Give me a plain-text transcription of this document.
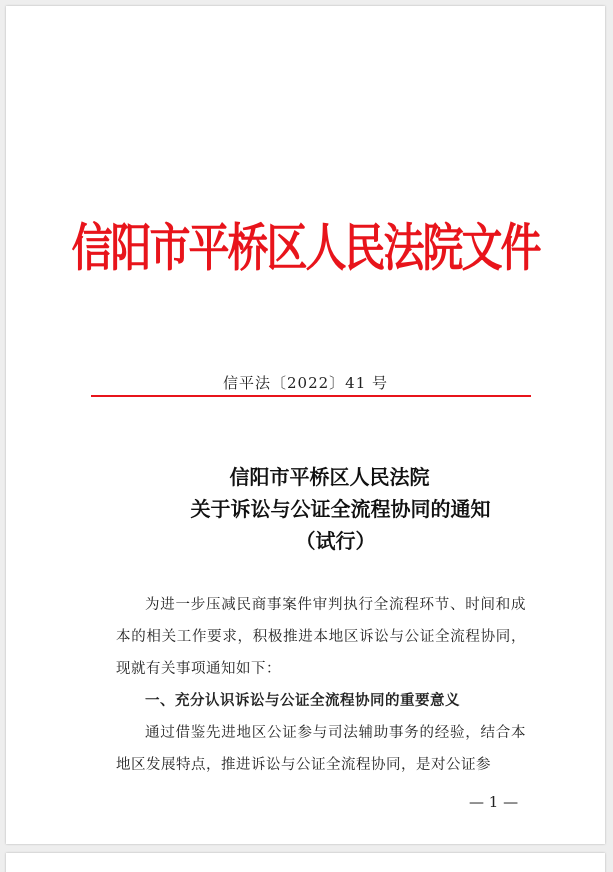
信阳市平桥区人民法院文件
信平法〔2022〕41 号
信阳市平桥区人民法院
关于诉讼与公证全流程协同的通知
（试行）

为进一步压减民商事案件审判执行全流程环节、时间和成本的相关工作要求，积极推进本地区诉讼与公证全流程协同，现就有关事项通知如下：

一、充分认识诉讼与公证全流程协同的重要意义

通过借鉴先进地区公证参与司法辅助事务的经验，结合本地区发展特点，推进诉讼与公证全流程协同，是对公证参

— 1 —
